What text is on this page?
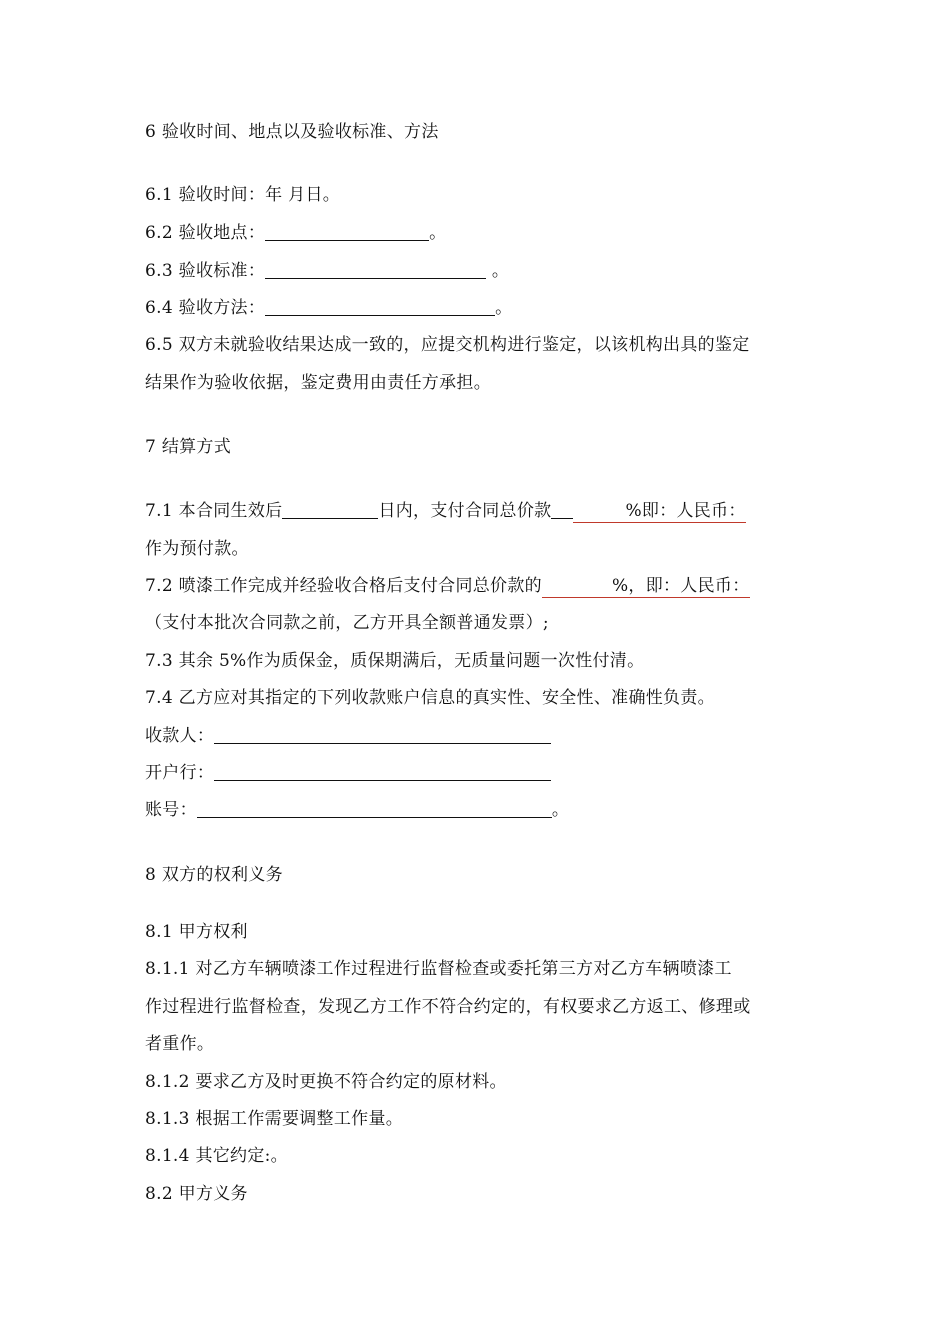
6 验收时间、地点以及验收标准、方法
6.1 验收时间：年 月日。
6.2 验收地点：	。
6.3 验收标准：	。
6.4 验收方法：	。
6.5 双方未就验收结果达成一致的，应提交机构进行鉴定，以该机构出具的鉴定
结果作为验收依据，鉴定费用由责任方承担。
7 结算方式
7.1 本合同生效后	日内，支付合同总价款	%即：人民币：
作为预付款。
7.2 喷漆工作完成并经验收合格后支付合同总价款的	%，即：人民币：
（支付本批次合同款之前，乙方开具全额普通发票）;
7.3 其余 5%作为质保金，质保期满后，无质量问题一次性付清。
7.4 乙方应对其指定的下列收款账户信息的真实性、安全性、准确性负责。
收款人：
开户行：
账号：	。
8 双方的权利义务
8.1 甲方权利
8.1.1 对乙方车辆喷漆工作过程进行监督检查或委托第三方对乙方车辆喷漆工
作过程进行监督检查，发现乙方工作不符合约定的，有权要求乙方返工、修理或
者重作。
8.1.2 要求乙方及时更换不符合约定的原材料。
8.1.3 根据工作需要调整工作量。
8.1.4 其它约定:。
8.2 甲方义务
